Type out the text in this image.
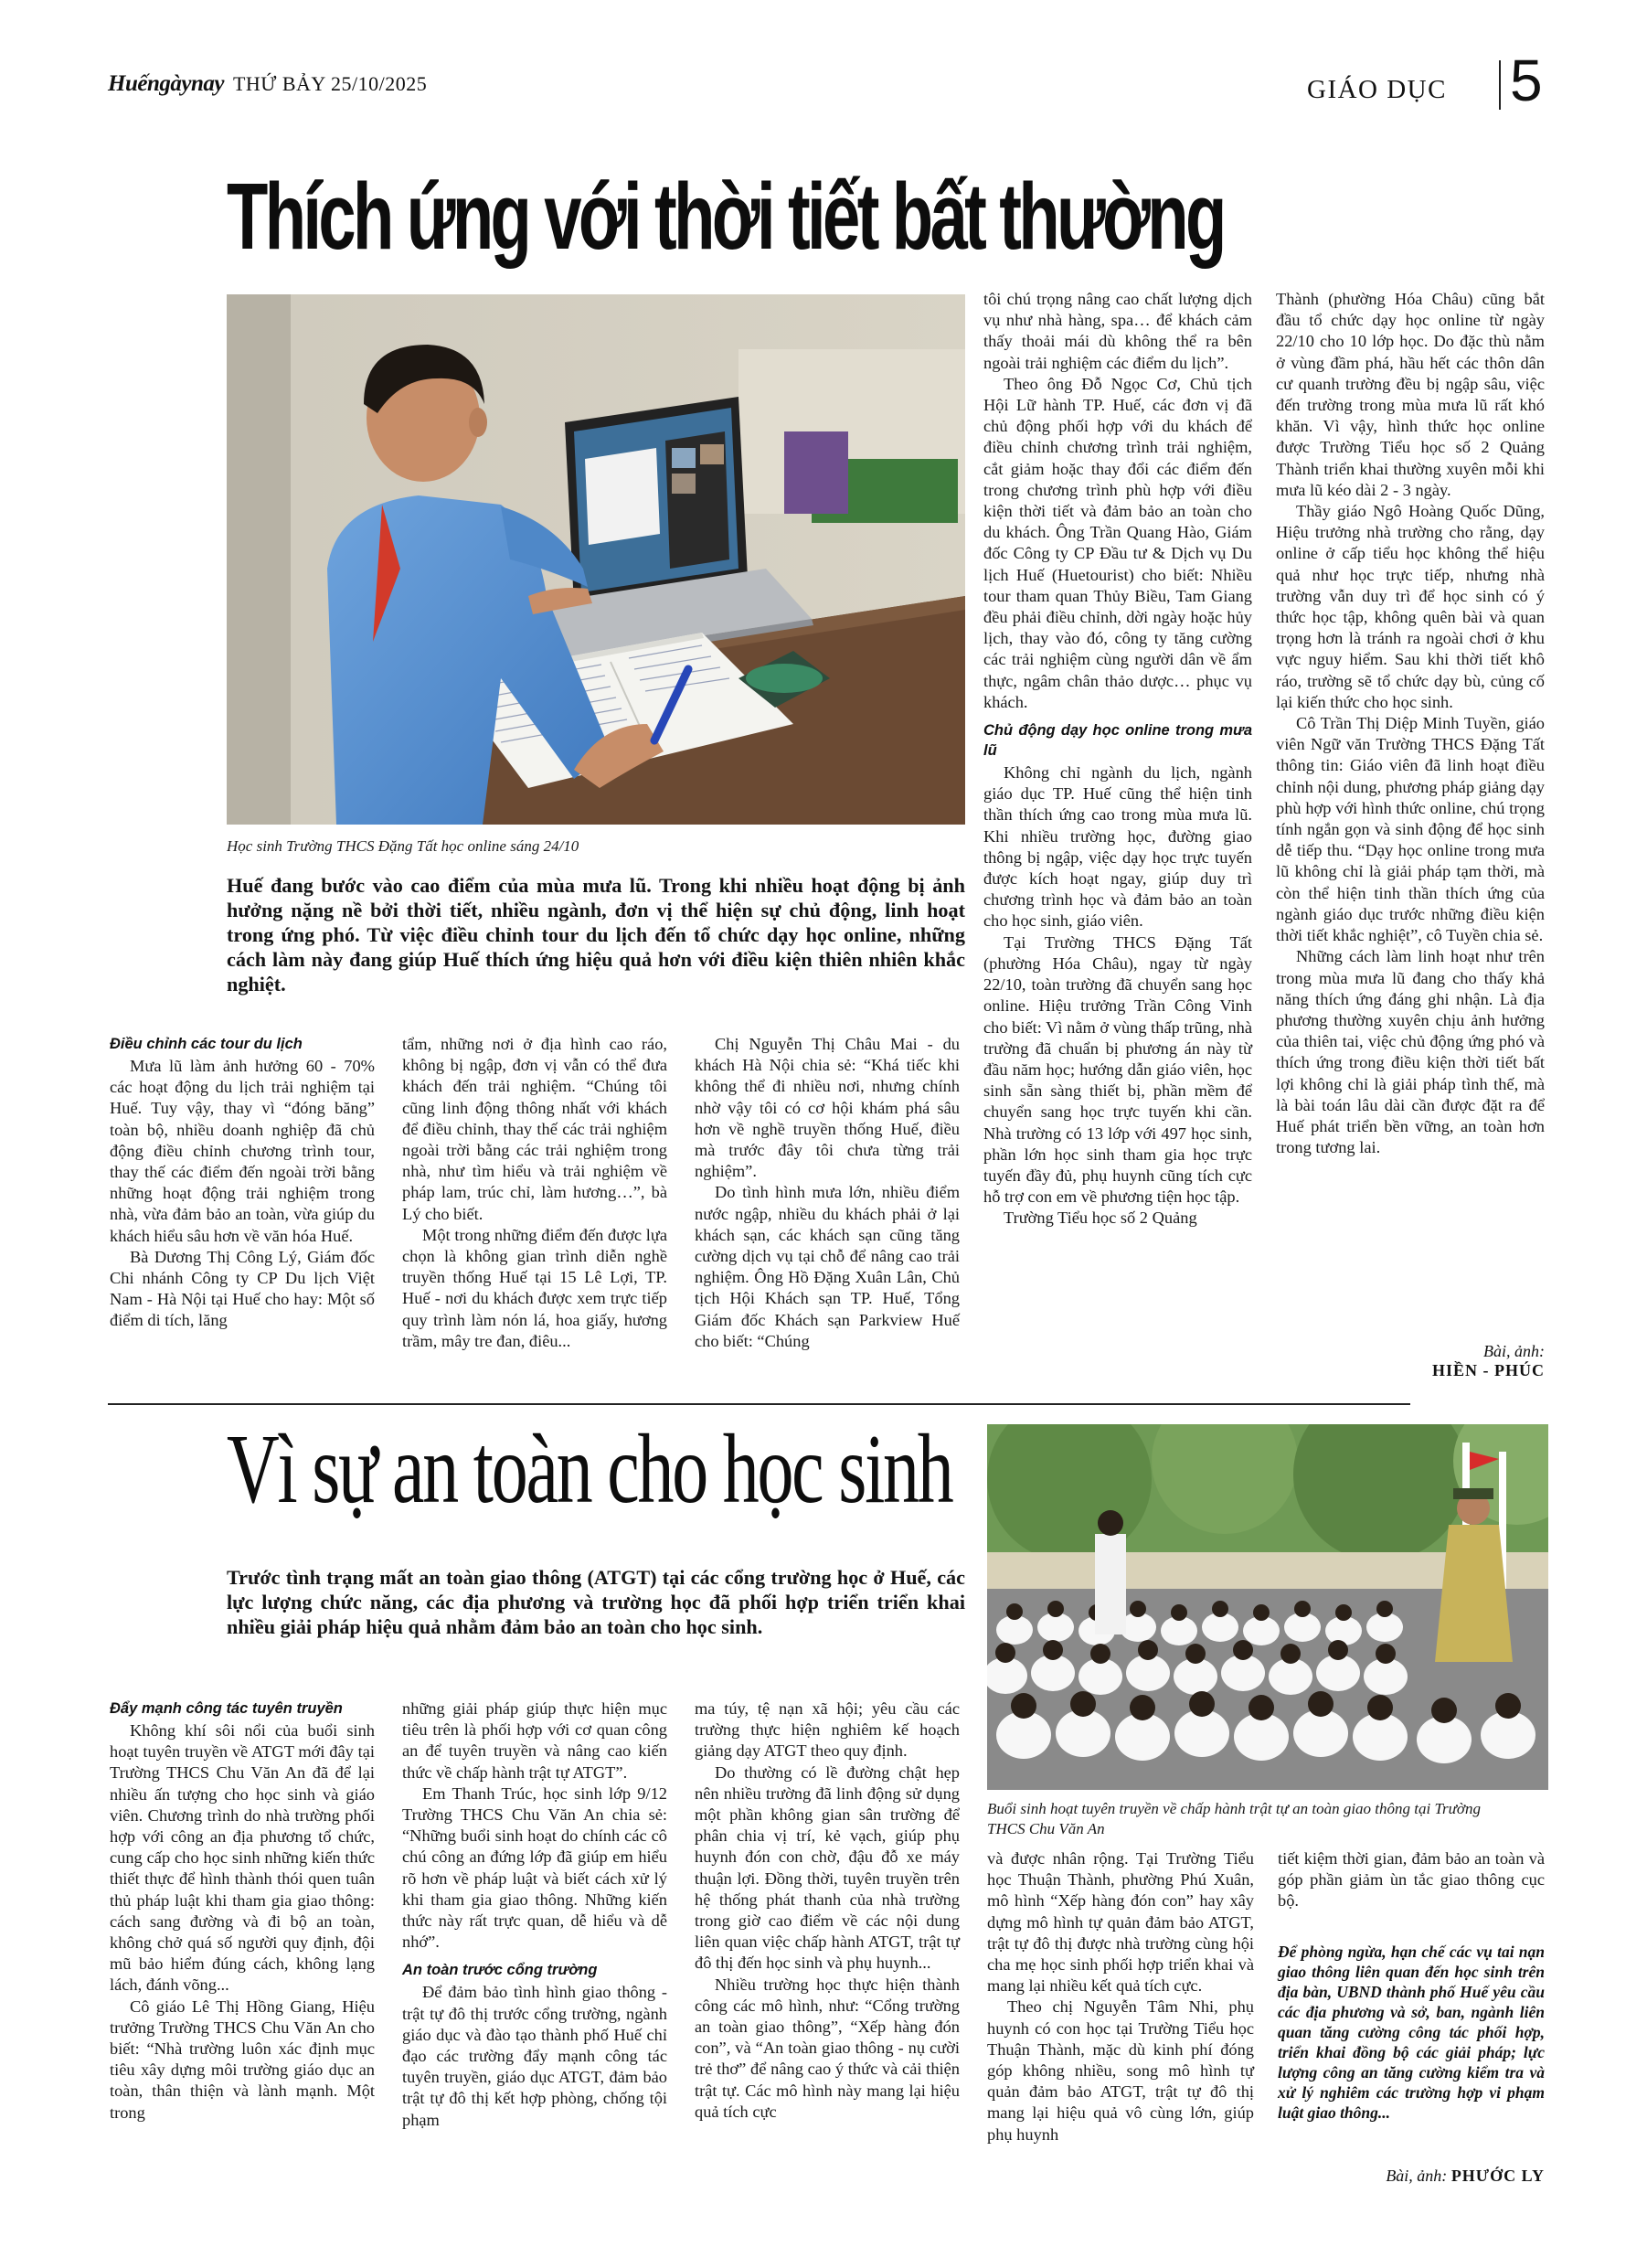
Huếngàynay THỨ BẢY 25/10/2025	GIÁO DỤC 5
Thích ứng với thời tiết bất thường
Học sinh Trường THCS Đặng Tất học online sáng 24/10
Huế đang bước vào cao điểm của mùa mưa lũ. Trong khi nhiều hoạt động bị ảnh hưởng nặng nề bởi thời tiết, nhiều ngành, đơn vị thể hiện sự chủ động, linh hoạt trong ứng phó. Từ việc điều chỉnh tour du lịch đến tổ chức dạy học online, những cách làm này đang giúp Huế thích ứng hiệu quả hơn với điều kiện thiên nhiên khắc nghiệt.
Điều chỉnh các tour du lịch

Mưa lũ làm ảnh hưởng 60 - 70% các hoạt động du lịch trải nghiệm tại Huế. Tuy vậy, thay vì “đóng băng” toàn bộ, nhiều doanh nghiệp đã chủ động điều chỉnh chương trình tour, thay thế các điểm đến ngoài trời bằng những hoạt động trải nghiệm trong nhà, vừa đảm bảo an toàn, vừa giúp du khách hiểu sâu hơn về văn hóa Huế.

Bà Dương Thị Công Lý, Giám đốc Chi nhánh Công ty CP Du lịch Việt Nam - Hà Nội tại Huế cho hay: Một số điểm di tích, lăng

tẩm, những nơi ở địa hình cao ráo, không bị ngập, đơn vị vẫn có thể đưa khách đến trải nghiệm. “Chúng tôi cũng linh động thông nhất với khách để điều chỉnh, thay thế các trải nghiệm ngoài trời bằng các trải nghiệm trong nhà, như tìm hiểu và trải nghiệm về pháp lam, trúc chỉ, làm hương…”, bà Lý cho biết.

Một trong những điểm đến được lựa chọn là không gian trình diễn nghề truyền thống Huế tại 15 Lê Lợi, TP. Huế - nơi du khách được xem trực tiếp quy trình làm nón lá, hoa giấy, hương trầm, mây tre đan, điêu...

Chị Nguyễn Thị Châu Mai - du khách Hà Nội chia sẻ: “Khá tiếc khi không thể đi nhiều nơi, nhưng chính nhờ vậy tôi có cơ hội khám phá sâu hơn về nghề truyền thống Huế, điều mà trước đây tôi chưa từng trải nghiệm”.

Do tình hình mưa lớn, nhiều điểm nước ngập, nhiều du khách phải ở lại khách sạn, các khách sạn cũng tăng cường dịch vụ tại chỗ để nâng cao trải nghiệm. Ông Hồ Đặng Xuân Lân, Chủ tịch Hội Khách sạn TP. Huế, Tổng Giám đốc Khách sạn Parkview Huế cho biết: “Chúng

tôi chú trọng nâng cao chất lượng dịch vụ như nhà hàng, spa… để khách cảm thấy thoải mái dù không thể ra bên ngoài trải nghiệm các điểm du lịch”.

Theo ông Đỗ Ngọc Cơ, Chủ tịch Hội Lữ hành TP. Huế, các đơn vị đã chủ động phối hợp với du khách để điều chỉnh chương trình trải nghiệm, cắt giảm hoặc thay đổi các điểm đến trong chương trình phù hợp với điều kiện thời tiết và đảm bảo an toàn cho du khách. Ông Trần Quang Hào, Giám đốc Công ty CP Đầu tư & Dịch vụ Du lịch Huế (Huetourist) cho biết: Nhiều tour tham quan Thủy Biều, Tam Giang đều phải điều chỉnh, dời ngày hoặc hủy lịch, thay vào đó, công ty tăng cường các trải nghiệm cùng người dân về ẩm thực, ngâm chân thảo dược… phục vụ khách.

Chủ động dạy học online trong mưa lũ

Không chỉ ngành du lịch, ngành giáo dục TP. Huế cũng thể hiện tinh thần thích ứng cao trong mùa mưa lũ. Khi nhiều trường học, đường giao thông bị ngập, việc dạy học trực tuyến được kích hoạt ngay, giúp duy trì chương trình học và đảm bảo an toàn cho học sinh, giáo viên.

Tại Trường THCS Đặng Tất (phường Hóa Châu), ngay từ ngày 22/10, toàn trường đã chuyển sang học online. Hiệu trưởng Trần Công Vinh cho biết: Vì nằm ở vùng thấp trũng, nhà trường đã chuẩn bị phương án này từ đầu năm học; hướng dẫn giáo viên, học sinh sẵn sàng thiết bị, phần mềm để chuyển sang học trực tuyến khi cần. Nhà trường có 13 lớp với 497 học sinh, phần lớn học sinh tham gia học trực tuyến đầy đủ, phụ huynh cũng tích cực hỗ trợ con em về phương tiện học tập.

Trường Tiểu học số 2 Quảng

Thành (phường Hóa Châu) cũng bắt đầu tổ chức dạy học online từ ngày 22/10 cho 10 lớp học. Do đặc thù nằm ở vùng đầm phá, hầu hết các thôn dân cư quanh trường đều bị ngập sâu, việc đến trường trong mùa mưa lũ rất khó khăn. Vì vậy, hình thức học online được Trường Tiểu học số 2 Quảng Thành triển khai thường xuyên mỗi khi mưa lũ kéo dài 2 - 3 ngày.

Thầy giáo Ngô Hoàng Quốc Dũng, Hiệu trưởng nhà trường cho rằng, dạy online ở cấp tiểu học không thể hiệu quả như học trực tiếp, nhưng nhà trường vẫn duy trì để học sinh có ý thức học tập, không quên bài và quan trọng hơn là tránh ra ngoài chơi ở khu vực nguy hiểm. Sau khi thời tiết khô ráo, trường sẽ tổ chức dạy bù, củng cố lại kiến thức cho học sinh.

Cô Trần Thị Diệp Minh Tuyền, giáo viên Ngữ văn Trường THCS Đặng Tất thông tin: Giáo viên đã linh hoạt điều chỉnh nội dung, phương pháp giảng dạy phù hợp với hình thức online, chú trọng tính ngắn gọn và sinh động để học sinh dễ tiếp thu. “Dạy học online trong mưa lũ không chỉ là giải pháp tạm thời, mà còn thể hiện tinh thần thích ứng của ngành giáo dục trước những điều kiện thời tiết khắc nghiệt”, cô Tuyền chia sẻ.

Những cách làm linh hoạt như trên trong mùa mưa lũ đang cho thấy khả năng thích ứng đáng ghi nhận. Là địa phương thường xuyên chịu ảnh hưởng của thiên tai, việc chủ động ứng phó và thích ứng trong điều kiện thời tiết bất lợi không chỉ là giải pháp tình thế, mà là bài toán lâu dài cần được đặt ra để Huế phát triển bền vững, an toàn hơn trong tương lai.

Bài, ảnh:
HIỀN - PHÚC
Vì sự an toàn cho học sinh
Trước tình trạng mất an toàn giao thông (ATGT) tại các cổng trường học ở Huế, các lực lượng chức năng, các địa phương và trường học đã phối hợp triển triển khai nhiều giải pháp hiệu quả nhằm đảm bảo an toàn cho học sinh.
Buổi sinh hoạt tuyên truyền về chấp hành trật tự an toàn giao thông tại Trường THCS Chu Văn An
Đẩy mạnh công tác tuyên truyền

Không khí sôi nổi của buổi sinh hoạt tuyên truyền về ATGT mới đây tại Trường THCS Chu Văn An đã để lại nhiều ấn tượng cho học sinh và giáo viên. Chương trình do nhà trường phối hợp với công an địa phương tổ chức, cung cấp cho học sinh những kiến thức thiết thực để hình thành thói quen tuân thủ pháp luật khi tham gia giao thông: cách sang đường và đi bộ an toàn, không chở quá số người quy định, đội mũ bảo hiểm đúng cách, không lạng lách, đánh võng...

Cô giáo Lê Thị Hồng Giang, Hiệu trưởng Trường THCS Chu Văn An cho biết: “Nhà trường luôn xác định mục tiêu xây dựng môi trường giáo dục an toàn, thân thiện và lành mạnh. Một trong

những giải pháp giúp thực hiện mục tiêu trên là phối hợp với cơ quan công an để tuyên truyền và nâng cao kiến thức về chấp hành trật tự ATGT”.

Em Thanh Trúc, học sinh lớp 9/12 Trường THCS Chu Văn An chia sẻ: “Những buổi sinh hoạt do chính các cô chú công an đứng lớp đã giúp em hiểu rõ hơn về pháp luật và biết cách xử lý khi tham gia giao thông. Những kiến thức này rất trực quan, dễ hiểu và dễ nhớ”.

An toàn trước cổng trường

Để đảm bảo tình hình giao thông - trật tự đô thị trước cổng trường, ngành giáo dục và đào tạo thành phố Huế chỉ đạo các trường đẩy mạnh công tác tuyên truyền, giáo dục ATGT, đảm bảo trật tự đô thị kết hợp phòng, chống tội phạm

ma túy, tệ nạn xã hội; yêu cầu các trường thực hiện nghiêm kế hoạch giảng dạy ATGT theo quy định.

Do thường có lề đường chật hẹp nên nhiều trường đã linh động sử dụng một phần không gian sân trường để phân chia vị trí, kẻ vạch, giúp phụ huynh đón con chờ, đậu đỗ xe máy thuận lợi. Đồng thời, tuyên truyền trên hệ thống phát thanh của nhà trường trong giờ cao điểm về các nội dung liên quan việc chấp hành ATGT, trật tự đô thị đến học sinh và phụ huynh...

Nhiều trường học thực hiện thành công các mô hình, như: “Cổng trường an toàn giao thông”, “Xếp hàng đón con”, và “An toàn giao thông - nụ cười trẻ thơ” để nâng cao ý thức và cải thiện trật tự. Các mô hình này mang lại hiệu quả tích cực

và được nhân rộng. Tại Trường Tiểu học Thuận Thành, phường Phú Xuân, mô hình “Xếp hàng đón con” hay xây dựng mô hình tự quản đảm bảo ATGT, trật tự đô thị được nhà trường cùng hội cha mẹ học sinh phối hợp triển khai và mang lại nhiều kết quả tích cực.

Theo chị Nguyễn Tâm Nhi, phụ huynh có con học tại Trường Tiểu học Thuận Thành, mặc dù kinh phí đóng góp không nhiều, song mô hình tự quản đảm bảo ATGT, trật tự đô thị mang lại hiệu quả vô cùng lớn, giúp phụ huynh

tiết kiệm thời gian, đảm bảo an toàn và góp phần giảm ùn tắc giao thông cục bộ.

Để phòng ngừa, hạn chế các vụ tai nạn giao thông liên quan đến học sinh trên địa bàn, UBND thành phố Huế yêu cầu các địa phương và sở, ban, ngành liên quan tăng cường công tác phối hợp, triển khai đồng bộ các giải pháp; lực lượng công an tăng cường kiểm tra và xử lý nghiêm các trường hợp vi phạm luật giao thông...
Bài, ảnh: PHƯỚC LY
